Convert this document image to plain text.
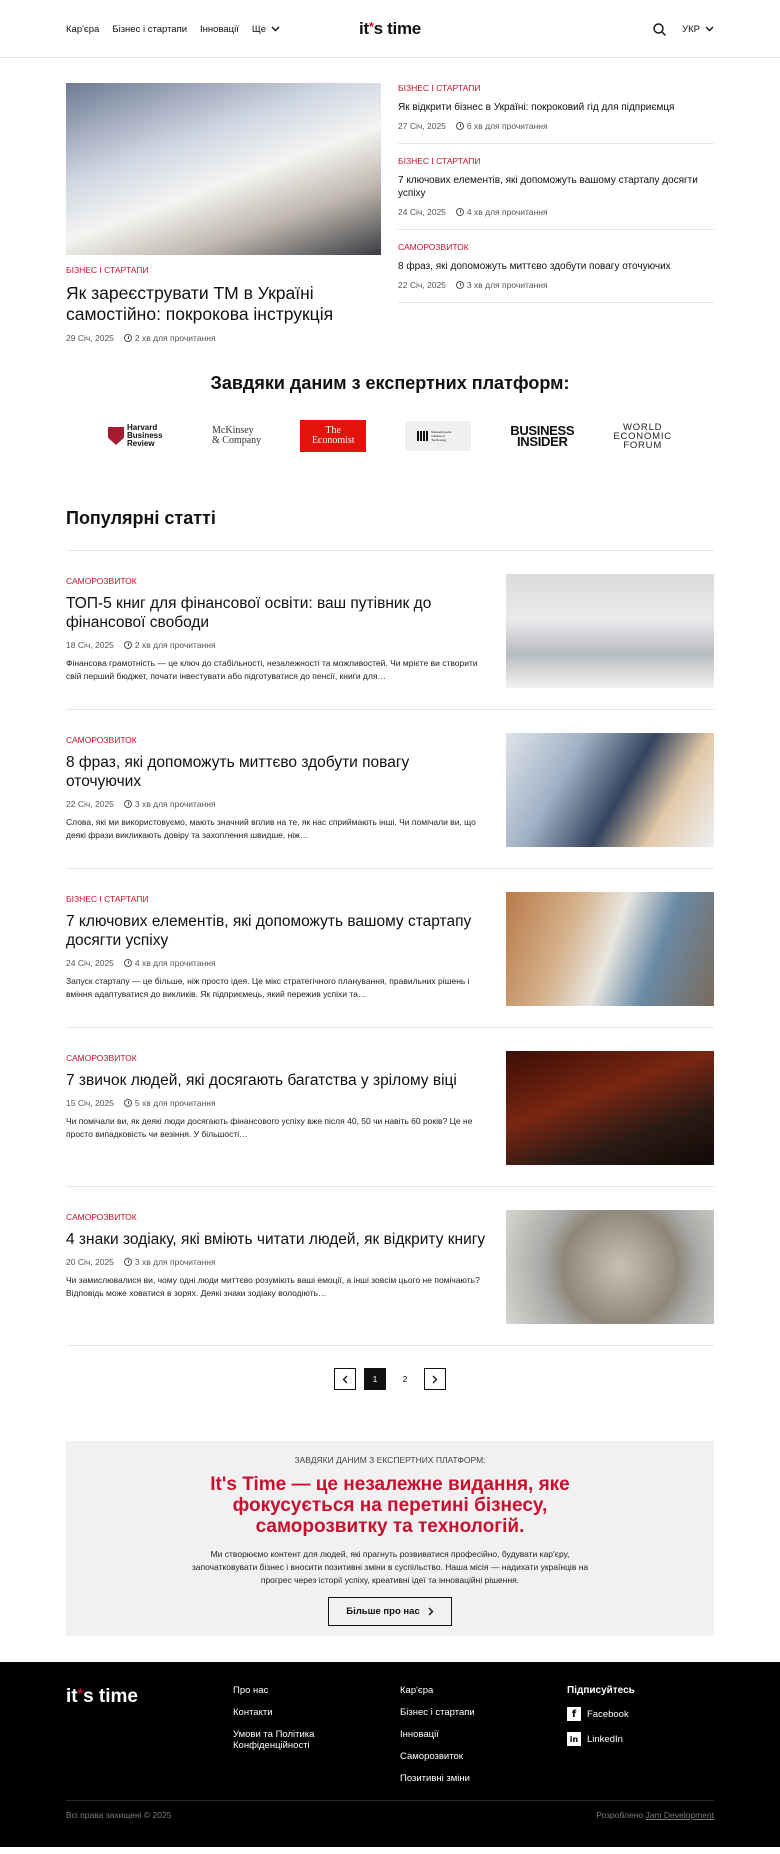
Кар'єра Бізнес і стартапи Інновації Ще	it*s time	УКР
БІЗНЕС І СТАРТАПИ
Як зареєструвати ТМ в Україні самостійно: покрокова інструкція
29 Січ, 2025 2 хв для прочитання
БІЗНЕС І СТАРТАПИ
Як відкрити бізнес в Україні: покроковий гід для підприємця
27 Січ, 2025 6 хв для прочитання
БІЗНЕС І СТАРТАПИ
7 ключових елементів, які допоможуть вашому стартапу досягти успіху
24 Січ, 2025 4 хв для прочитання
САМОРОЗВИТОК
8 фраз, які допоможуть миттєво здобути повагу оточуючих
22 Січ, 2025 3 хв для прочитання
Завдяки даним з експертних платформ:
Harvard Business Review
McKinsey
& Company
The
Economist
Massachusetts Institute of Technology
BUSINESS
INSIDER
WORLD
ECONOMIC
FORUM
Популярні статті
САМОРОЗВИТОК
ТОП-5 книг для фінансової освіти: ваш путівник до фінансової свободи
18 Січ, 2025 2 хв для прочитання

Фінансова грамотність — це ключ до стабільності, незалежності та можливостей. Чи мрієте ви створити свій перший бюджет, почати інвестувати або підготуватися до пенсії, книги для…

САМОРОЗВИТОК
8 фраз, які допоможуть миттєво здобути повагу оточуючих
22 Січ, 2025 3 хв для прочитання

Слова, які ми використовуємо, мають значний вплив на те, як нас сприймають інші. Чи помічали ви, що деякі фрази викликають довіру та захоплення швидше, ніж…

БІЗНЕС І СТАРТАПИ
7 ключових елементів, які допоможуть вашому стартапу досягти успіху
24 Січ, 2025 4 хв для прочитання

Запуск стартапу — це більше, ніж просто ідея. Це мікс стратегічного планування, правильних рішень і вміння адаптуватися до викликів. Як підприємець, який пережив успіхи та…

САМОРОЗВИТОК
7 звичок людей, які досягають багатства у зрілому віці
15 Січ, 2025 5 хв для прочитання

Чи помічали ви, як деякі люди досягають фінансового успіху вже після 40, 50 чи навіть 60 років? Це не просто випадковість чи везіння. У більшості…

САМОРОЗВИТОК
4 знаки зодіаку, які вміють читати людей, як відкриту книгу
20 Січ, 2025 3 хв для прочитання

Чи замислювалися ви, чому одні люди миттєво розуміють ваші емоції, а інші зовсім цього не помічають? Відповідь може ховатися в зорях. Деякі знаки зодіаку володіють…

1	2
ЗАВДЯКИ ДАНИМ З ЕКСПЕРТНИХ ПЛАТФОРМ:
It's Time — це незалежне видання, яке фокусується на перетині бізнесу, саморозвитку та технологій.

Ми створюємо контент для людей, які прагнуть розвиватися професійно, будувати кар'єру, започатковувати бізнес і вносити позитивні зміни в суспільство. Наша місія — надихати українців на прогрес через історії успіху, креативні ідеї та інноваційні рішення.

Більше про нас
it*s time	Про нас
Контакти
Умови та Політика Конфіденційності
Кар'єра
Бізнес і стартапи
Інновації
Саморозвиток
Позитивні зміни
Підписуйтесь
f	Facebook
in LinkedIn
Всі права захищені © 2025	Розроблено Jam Development
